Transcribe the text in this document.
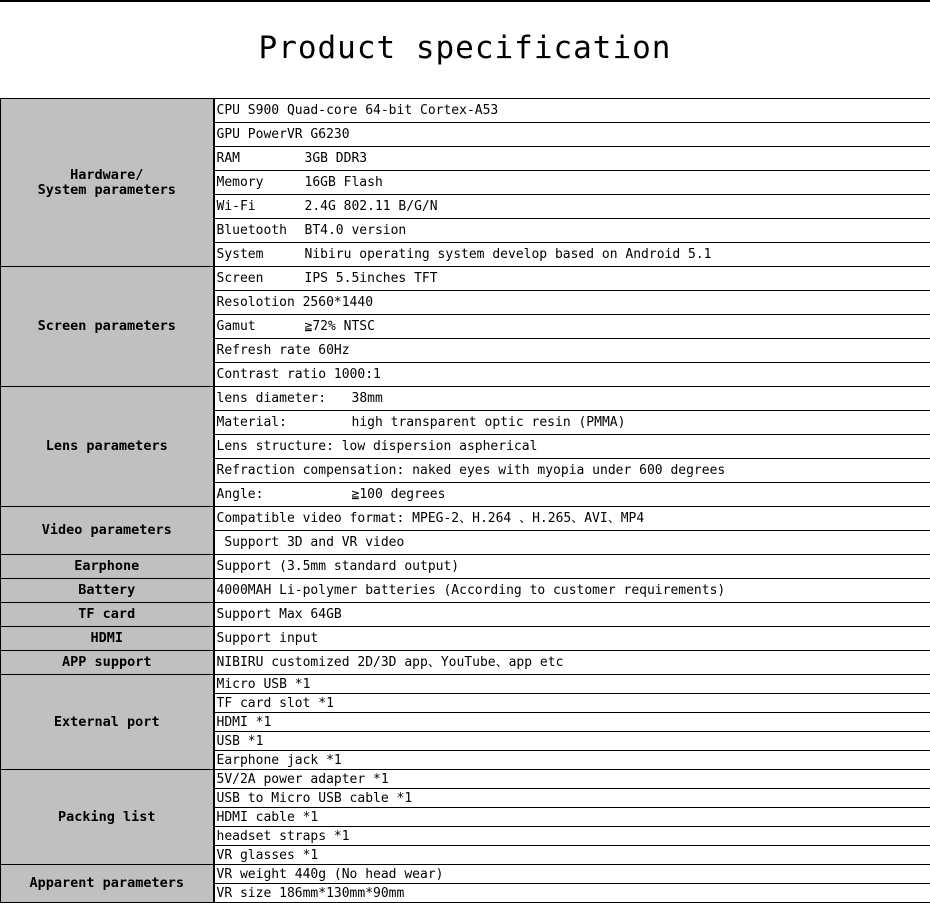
Product specification
Hardware/
System parameters	CPU S900 Quad-core 64-bit Cortex-A53
	GPU PowerVR G6230
	RAM 3GB DDR3
	Memory 16GB Flash
	Wi-Fi 2.4G 802.11 B/G/N
	Bluetooth BT4.0 version
	System Nibiru operating system develop based on Android 5.1
Screen parameters	Screen IPS 5.5inches TFT
	Resolotion 2560*1440
	Gamut ≧72% NTSC
	Refresh rate 60Hz
	Contrast ratio 1000:1
Lens parameters	lens diameter: 38mm
	Material: high transparent optic resin (PMMA)
	Lens structure: low dispersion aspherical
	Refraction compensation: naked eyes with myopia under 600 degrees
	Angle: ≧100 degrees
Video parameters	Compatible video format: MPEG-2、H.264 、H.265、AVI、MP4
	Support 3D and VR video
Earphone	Support (3.5mm standard output)
Battery	4000MAH Li-polymer batteries (According to customer requirements)
TF card	Support Max 64GB
HDMI	Support input
APP support	NIBIRU customized 2D/3D app、YouTube、app etc
External port	Micro USB *1
	TF card slot *1
	HDMI *1
	USB *1
	Earphone jack *1
Packing list	5V/2A power adapter *1
	USB to Micro USB cable *1
	HDMI cable *1
	headset straps *1
	VR glasses *1
Apparent parameters	VR weight 440g (No head wear)
	VR size 186mm*130mm*90mm
